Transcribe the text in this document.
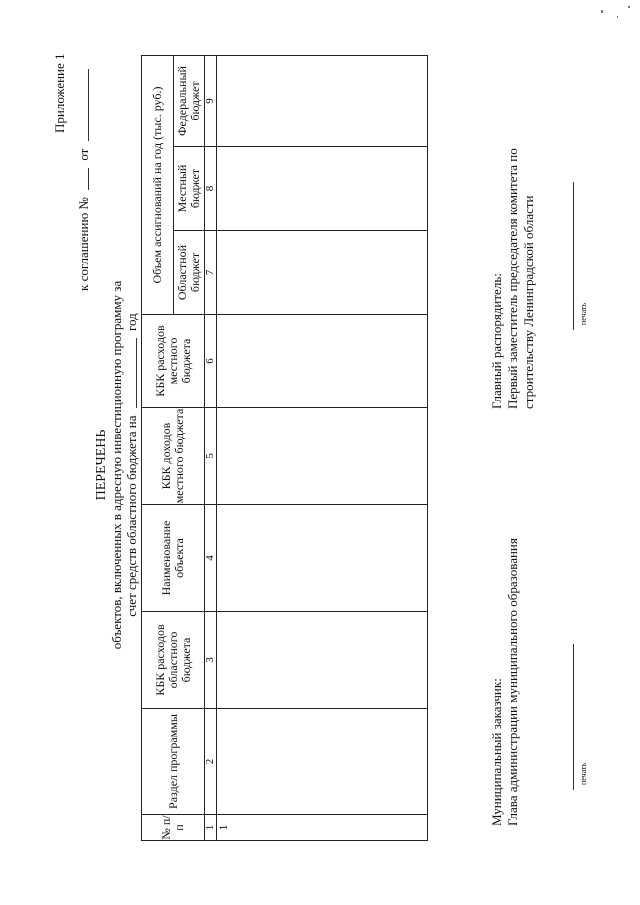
Приложение 1
к соглашению №  от
ПЕРЕЧЕНЬ объектов, включенных в адресную инвестиционную программу за счет средств областного бюджета на  год
№ п/п	Раздел программы	КБК расходов областного бюджета	Наименование объекта	КБК доходов местного бюджета	КБК расходов местного бюджета	Объем ассигнований на год (тыс. руб.)		
						Областной бюджет	Местный бюджет	Федеральный бюджет
1	2	3	4	5	6	7	8	9
1								
Муниципальный заказчик: Глава администрации муниципального образования	печать
Главный распорядитель: Первый заместитель председателя комитета по строительству Ленинградской области	печать
